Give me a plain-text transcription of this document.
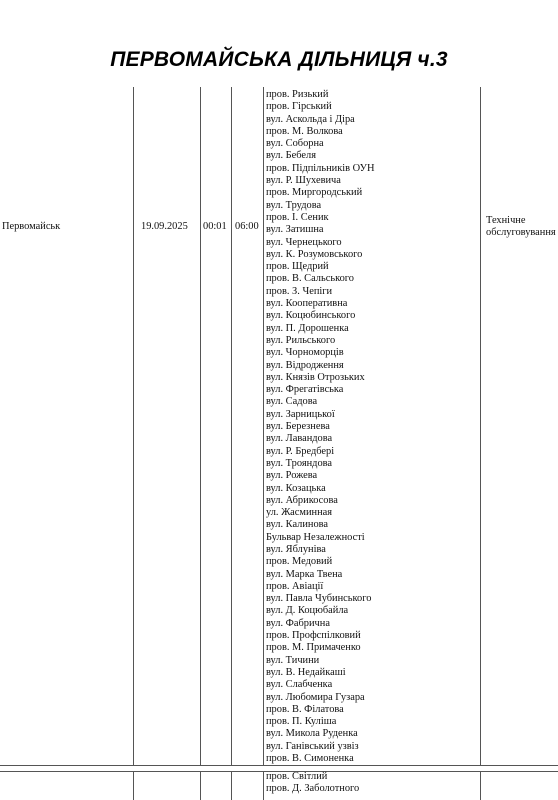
ПЕРВОМАЙСЬКА ДІЛЬНИЦЯ ч.3
Первомайськ	19.09.2025 00:01 06:00
Технічне обслуговування
пров. Ризький
пров. Гірський
вул. Аскольда і Діра
пров. М. Волкова
вул. Соборна
вул. Бебеля
пров. Підпільників ОУН
вул. Р. Шухевича
пров. Миргородський
вул. Трудова
пров. І. Сеник
вул. Затишна
вул. Чернецького
вул. К. Розумовського
пров. Щедрий
пров. В. Сальського
пров. З. Чепіги
вул. Кооперативна
вул. Коцюбинського
вул. П. Дорошенка
вул. Рильського
вул. Чорноморців
вул. Відродження
вул. Князів Отрозьких
вул. Фрегатівська
вул. Садова
вул. Зарницької
вул. Березнева
вул. Лавандова
вул. Р. Бредбері
вул. Трояндова
вул. Рожева
вул. Козацька
вул. Абрикосова
ул. Жасминная
вул. Калинова
Бульвар Незалежності
вул. Яблуніва
пров. Медовий
вул. Марка Твена
пров. Авіації
вул. Павла Чубинського
вул. Д. Коцюбайла
вул. Фабрична
пров. Профспілковий
пров. М. Примаченко
вул. Тичини
вул. В. Недайкаші
вул. Слабченка
вул. Любомира Гузара
пров. В. Філатова
пров. П. Куліша
вул. Микола Руденка
вул. Ганівський узвіз
пров. В. Симоненка
пров. Світлий
пров. Д. Заболотного
